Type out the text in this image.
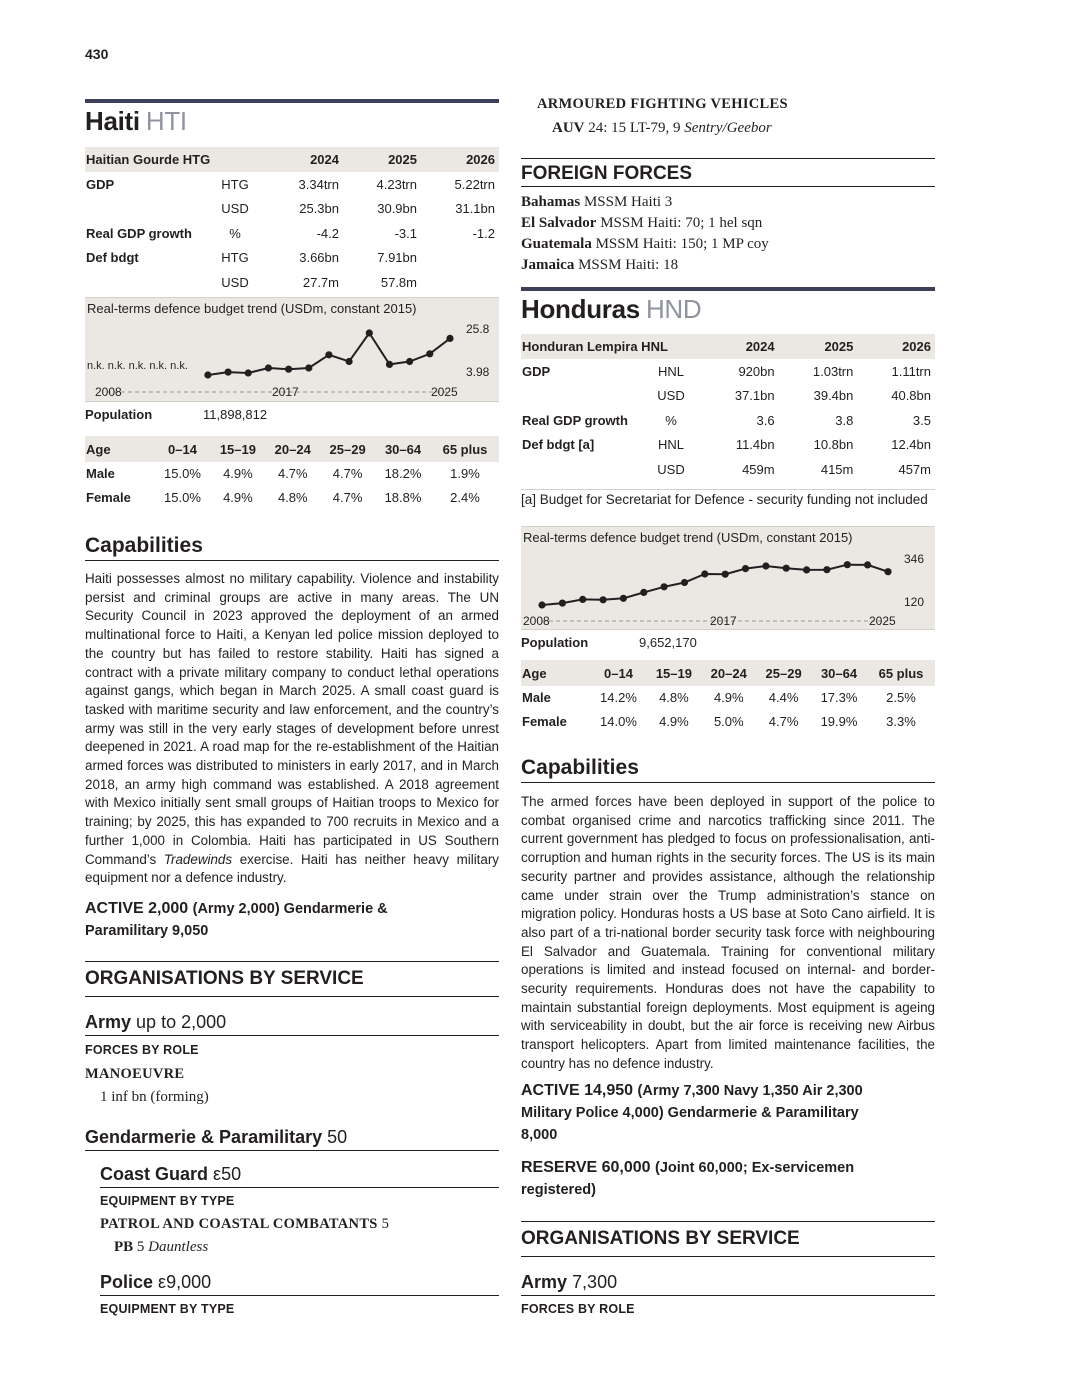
430
Haiti HTI
Haitian Gourde HTG		2024	2025	2026
GDP	HTG	3.34trn	4.23trn	5.22trn
	USD	25.3bn	30.9bn	31.1bn
Real GDP growth	%	-4.2	-3.1	-1.2
Def bdgt	HTG	3.66bn	7.91bn	
	USD	27.7m	57.8m	
Real-terms defence budget trend (USDm, constant 2015)
n.k. n.k. n.k. n.k. n.k.
25.8
3.98
2008	2017	2025
Population	11,898,812
Age	0–14	15–19	20–24	25–29	30–64	65 plus
Male	15.0%	4.9%	4.7%	4.7%	18.2%	1.9%
Female	15.0%	4.9%	4.8%	4.7%	18.8%	2.4%
Capabilities

Haiti possesses almost no military capability. Violence and instability persist and criminal groups are active in many areas. The UN Security Council in 2023 approved the deployment of an armed multinational force to Haiti, a Kenyan led police mission deployed to the country but has failed to restore stability. Haiti has signed a contract with a private military company to conduct lethal operations against gangs, which began in March 2025. A small coast guard is tasked with maritime security and law enforcement, and the country’s army was still in the very early stages of development before unrest deepened in 2021. A road map for the re-establishment of the Haitian armed forces was distributed to ministers in early 2017, and in March 2018, an army high command was established. A 2018 agreement with Mexico initially sent small groups of Haitian troops to Mexico for training; by 2025, this has expanded to 700 recruits in Mexico and a further 1,000 in Colombia. Haiti has participated in US Southern Command’s Tradewinds exercise. Haiti has neither heavy military equipment nor a defence industry.

ACTIVE 2,000 (Army 2,000) Gendarmerie &
Paramilitary 9,050
ORGANISATIONS BY SERVICE
Army up to 2,000
FORCES BY ROLE
MANOEUVRE
1 inf bn (forming)
Gendarmerie & Paramilitary 50
Coast Guard ε50
EQUIPMENT BY TYPE
PATROL AND COASTAL COMBATANTS 5
PB 5 Dauntless
Police ε9,000
EQUIPMENT BY TYPE
ARMOURED FIGHTING VEHICLES
AUV 24: 15 LT-79, 9 Sentry/Geebor
FOREIGN FORCES
Bahamas MSSM Haiti 3
El Salvador MSSM Haiti: 70; 1 hel sqn
Guatemala MSSM Haiti: 150; 1 MP coy
Jamaica MSSM Haiti: 18
Honduras HND
Honduran Lempira HNL		2024	2025	2026
GDP	HNL	920bn	1.03trn	1.11trn
	USD	37.1bn	39.4bn	40.8bn
Real GDP growth	%	3.6	3.8	3.5
Def bdgt [a]	HNL	11.4bn	10.8bn	12.4bn
	USD	459m	415m	457m
[a] Budget for Secretariat for Defence - security funding not included
Real-terms defence budget trend (USDm, constant 2015)
346
120
2008	2017	2025
Population	9,652,170
Age	0–14	15–19	20–24	25–29	30–64	65 plus
Male	14.2%	4.8%	4.9%	4.4%	17.3%	2.5%
Female	14.0%	4.9%	5.0%	4.7%	19.9%	3.3%
Capabilities

The armed forces have been deployed in support of the police to combat organised crime and narcotics trafficking since 2011. The current government has pledged to focus on professionalisation, anti-corruption and human rights in the security forces. The US is its main security partner and provides assistance, although the relationship came under strain over the Trump administration’s stance on migration policy. Honduras hosts a US base at Soto Cano airfield. It is also part of a tri-national border security task force with neighbouring El Salvador and Guatemala. Training for conventional military operations is limited and instead focused on internal- and border-security requirements. Honduras does not have the capability to maintain substantial foreign deployments. Most equipment is ageing with serviceability in doubt, but the air force is receiving new Airbus transport helicopters. Apart from limited maintenance facilities, the country has no defence industry.

ACTIVE 14,950 (Army 7,300 Navy 1,350 Air 2,300
Military Police 4,000) Gendarmerie & Paramilitary
8,000
RESERVE 60,000 (Joint 60,000; Ex-servicemen
registered)
ORGANISATIONS BY SERVICE
Army 7,300
FORCES BY ROLE
